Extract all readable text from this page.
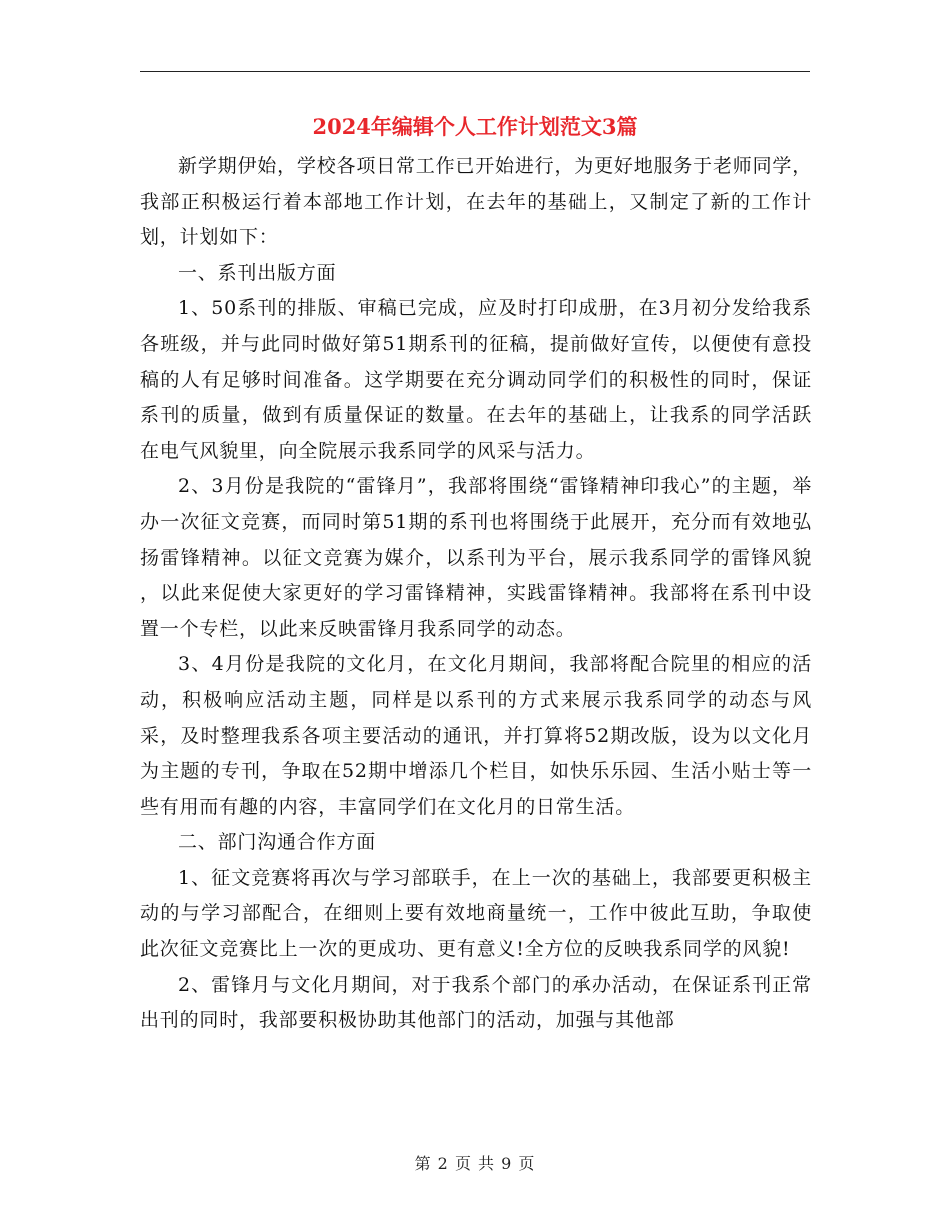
2024年编辑个人工作计划范文3篇

新学期伊始，学校各项日常工作已开始进行，为更好地服务于老师同学，我部正积极运行着本部地工作计划，在去年的基础上，又制定了新的工作计划，计划如下：

一、系刊出版方面

1、50系刊的排版、审稿已完成，应及时打印成册，在3月初分发给我系各班级，并与此同时做好第51期系刊的征稿，提前做好宣传，以便使有意投稿的人有足够时间准备。这学期要在充分调动同学们的积极性的同时，保证系刊的质量，做到有质量保证的数量。在去年的基础上，让我系的同学活跃在电气风貌里，向全院展示我系同学的风采与活力。

2、3月份是我院的“雷锋月”，我部将围绕“雷锋精神印我心”的主题，举办一次征文竞赛，而同时第51期的系刊也将围绕于此展开，充分而有效地弘扬雷锋精神。以征文竞赛为媒介，以系刊为平台，展示我系同学的雷锋风貌 ，以此来促使大家更好的学习雷锋精神，实践雷锋精神。我部将在系刊中设置一个专栏，以此来反映雷锋月我系同学的动态。

3、4月份是我院的文化月，在文化月期间，我部将配合院里的相应的活动，积极响应活动主题，同样是以系刊的方式来展示我系同学的动态与风采，及时整理我系各项主要活动的通讯，并打算将52期改版，设为以文化月为主题的专刊，争取在52期中增添几个栏目，如快乐乐园、生活小贴士等一些有用而有趣的内容，丰富同学们在文化月的日常生活。

二、部门沟通合作方面

1、征文竞赛将再次与学习部联手，在上一次的基础上，我部要更积极主动的与学习部配合，在细则上要有效地商量统一，工作中彼此互助，争取使此次征文竞赛比上一次的更成功、更有意义!全方位的反映我系同学的风貌!

2、雷锋月与文化月期间，对于我系个部门的承办活动，在保证系刊正常出刊的同时，我部要积极协助其他部门的活动，加强与其他部

第 2 页 共 9 页
